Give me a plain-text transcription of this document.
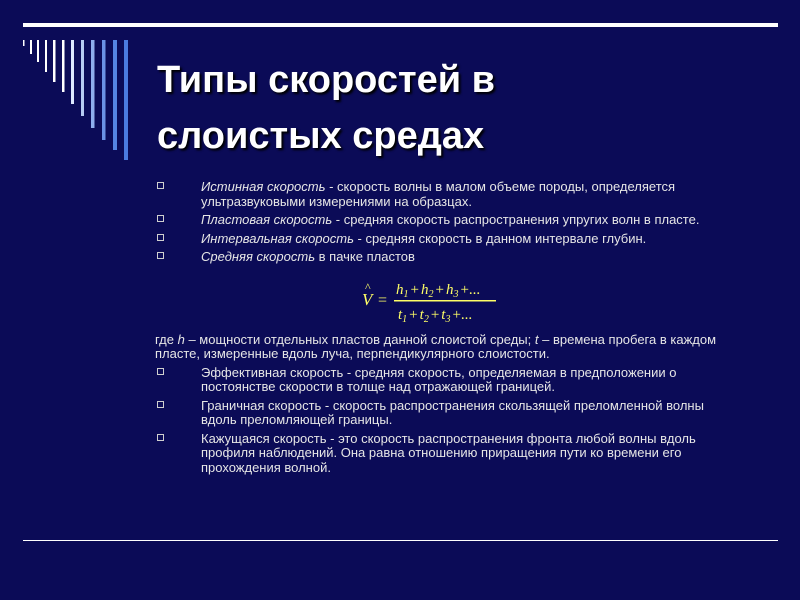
Типы скоростей в
слоистых средах
Истинная скорость - скорость волны в малом объеме породы, определяется ультразвуковыми измерениями на образцах.
Пластовая скорость - средняя скорость распространения упругих волн в пласте.
Интервальная скорость - средняя скорость в данном интервале глубин.
Средняя скорость в пачке пластов
^
V =
$h_1 + h_2 + h_3$ +...
$t_1 + t_2 + t_3$ +...
где h – мощности отдельных пластов данной слоистой среды; t – времена пробега в каждом пласте, измеренные вдоль луча, перпендикулярного слоистости.
Эффективная скорость - средняя скорость, определяемая в предположении о постоянстве скорости в толще над отражающей границей.
Граничная скорость - скорость распространения скользящей преломленной волны вдоль преломляющей границы.
Кажущаяся скорость - это скорость распространения фронта любой волны вдоль профиля наблюдений. Она равна отношению приращения пути ко времени его прохождения волной.
